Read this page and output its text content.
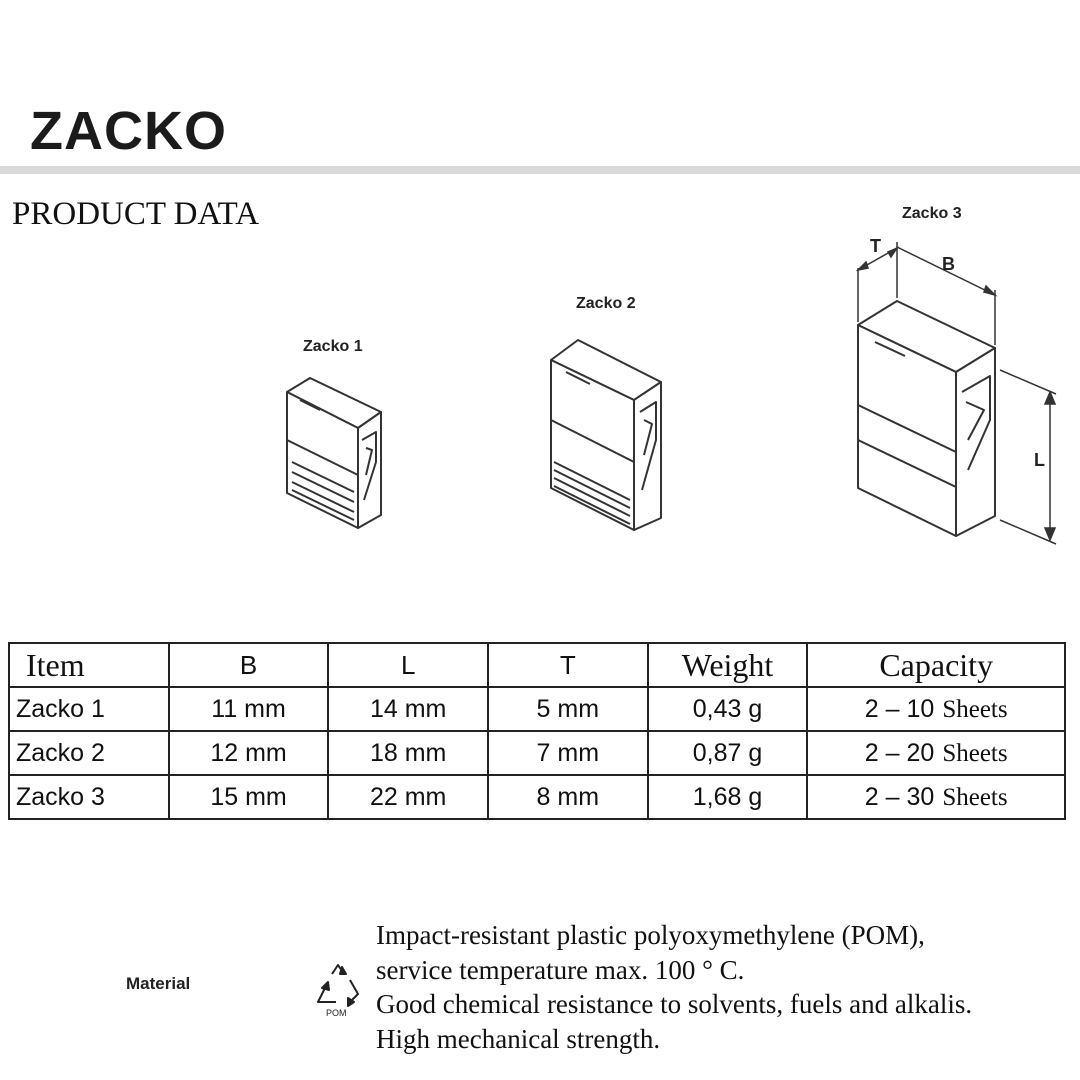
ZACKO
PRODUCT DATA
Zacko 1
Zacko 2
Zacko 3
T
B
L
Item	B	L	T	Weight	Capacity
Zacko 1	11 mm	14 mm	5 mm	0,43 g	2 – 10 Sheets
Zacko 2	12 mm	18 mm	7 mm	0,87 g	2 – 20 Sheets
Zacko 3	15 mm	22 mm	8 mm	1,68 g	2 – 30 Sheets
Material
POM
Impact-resistant plastic polyoxymethylene (POM),
service temperature max. 100 ° C.
Good chemical resistance to solvents, fuels and alkalis.
High mechanical strength.
